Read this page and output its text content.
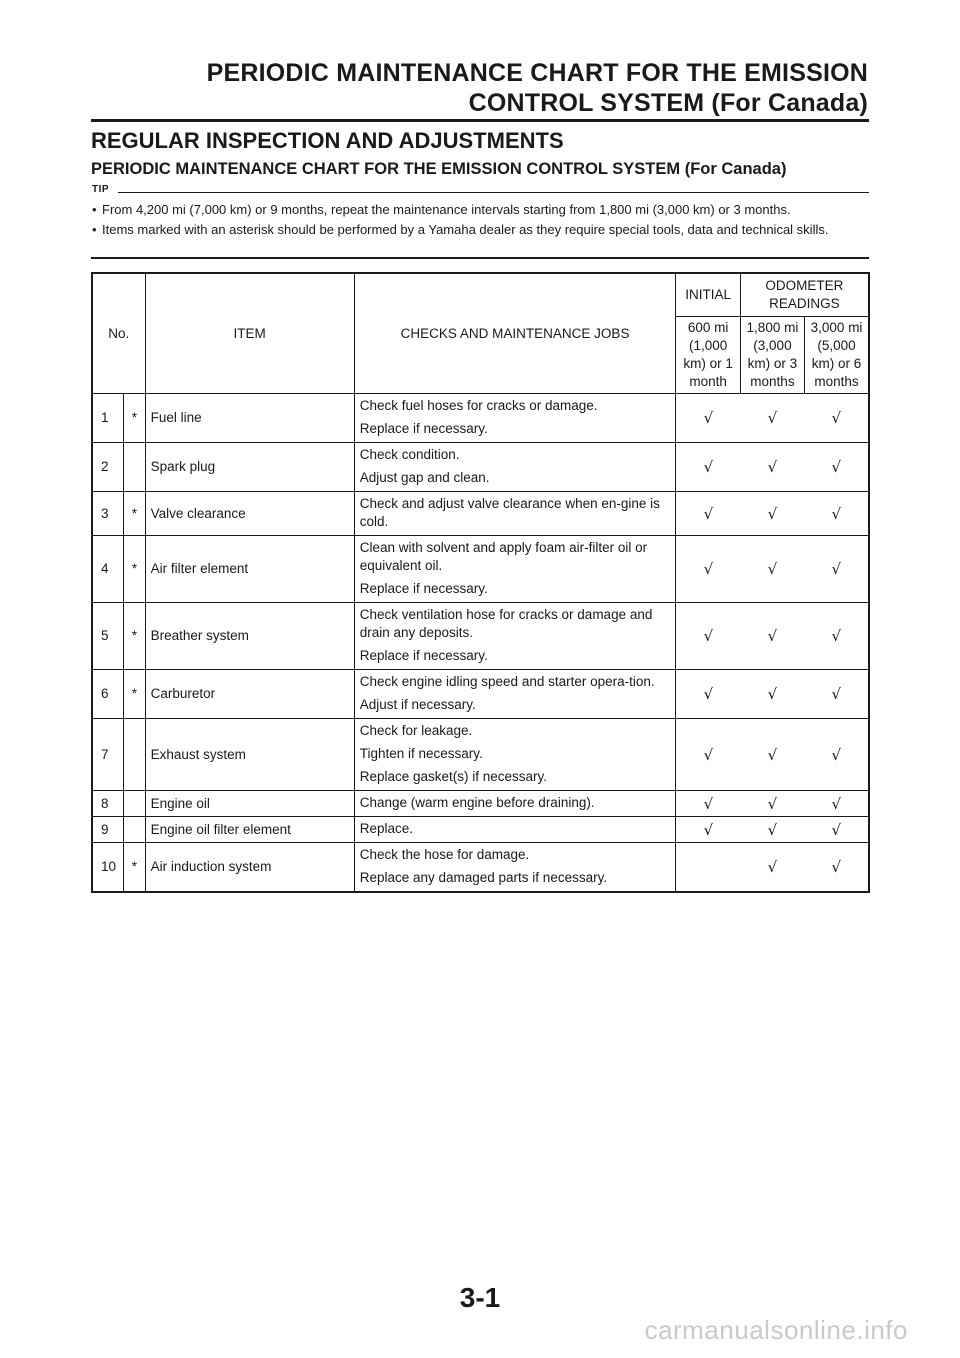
PERIODIC MAINTENANCE CHART FOR THE EMISSION
CONTROL SYSTEM (For Canada)
REGULAR INSPECTION AND ADJUSTMENTS
PERIODIC MAINTENANCE CHART FOR THE EMISSION CONTROL SYSTEM (For Canada)
TIP
• From 4,200 mi (7,000 km) or 9 months, repeat the maintenance intervals starting from 1,800 mi (3,000 km) or 3 months.
• Items marked with an asterisk should be performed by a Yamaha dealer as they require special tools, data and technical skills.
No.		ITEM	CHECKS AND MAINTENANCE JOBS	INITIAL	ODOMETER READINGS	
				600 mi (1,000 km) or 1 month	1,800 mi (3,000 km) or 3 months	3,000 mi (5,000 km) or 6 months
1	*	Fuel line	Check fuel hoses for cracks or damage.

Replace if necessary.	√	√	√
2		Spark plug	Check condition.

Adjust gap and clean.	√	√	√
3	*	Valve clearance	Check and adjust valve clearance when en-gine is cold.	√	√	√
4	*	Air filter element	Clean with solvent and apply foam air-filter oil or equivalent oil.

Replace if necessary.	√	√	√
5	*	Breather system	Check ventilation hose for cracks or damage and drain any deposits.

Replace if necessary.	√	√	√
6	*	Carburetor	Check engine idling speed and starter opera-tion.

Adjust if necessary.	√	√	√
7		Exhaust system	Check for leakage.

Tighten if necessary.

Replace gasket(s) if necessary.	√	√	√
8		Engine oil	Change (warm engine before draining).	√	√	√
9		Engine oil filter element	Replace.	√	√	√
10	*	Air induction system	Check the hose for damage.

Replace any damaged parts if necessary.		√	√
3-1
carmanualsonline.info
